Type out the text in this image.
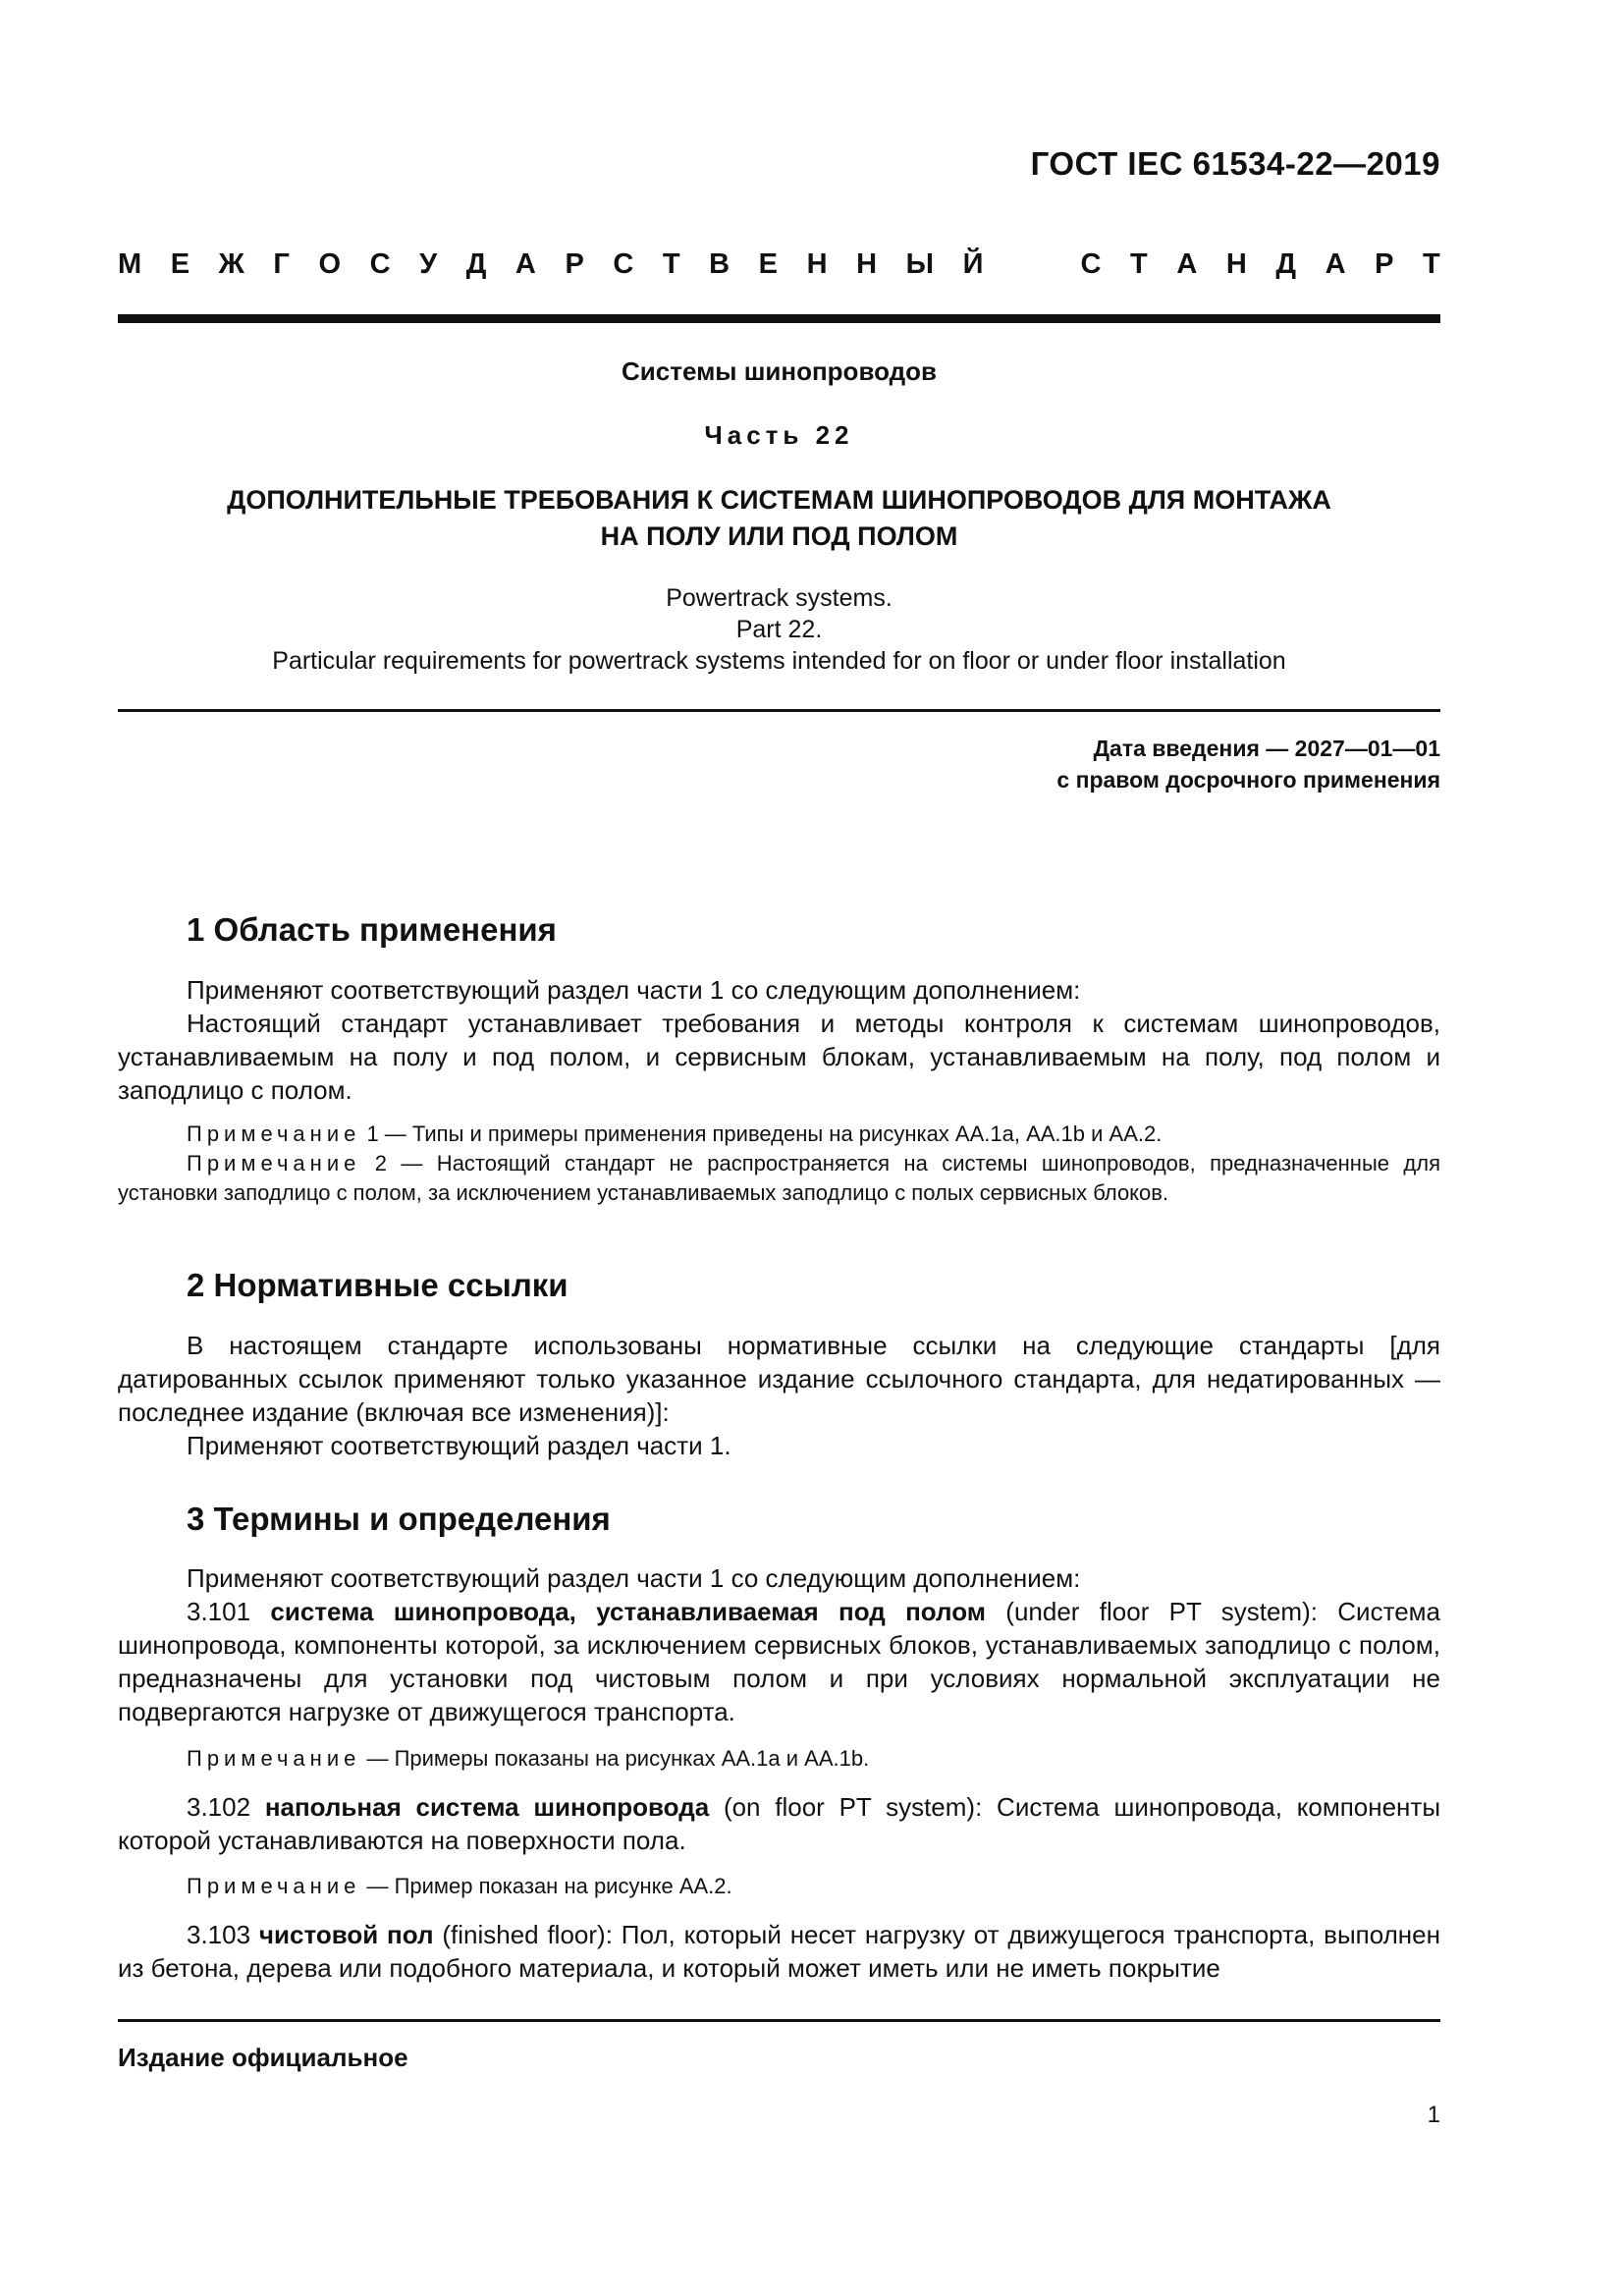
ГОСТ IEC 61534-22—2019
М Е Ж Г О С У Д А Р С Т В Е Н Н Ы Й	С Т А Н Д А Р Т
Системы шинопроводов
Часть 22
ДОПОЛНИТЕЛЬНЫЕ ТРЕБОВАНИЯ К СИСТЕМАМ ШИНОПРОВОДОВ ДЛЯ МОНТАЖА
НА ПОЛУ ИЛИ ПОД ПОЛОМ
Powertrack systems.
Part 22.
Particular requirements for powertrack systems intended for on floor or under floor installation
Дата введения — 2027—01—01
с правом досрочного применения
1 Область применения

Применяют соответствующий раздел части 1 со следующим дополнением:

Настоящий стандарт устанавливает требования и методы контроля к системам шинопроводов, устанавливаемым на полу и под полом, и сервисным блокам, устанавливаемым на полу, под полом и заподлицо с полом.

Примечание 1 — Типы и примеры применения приведены на рисунках АА.1а, АА.1b и АА.2.

Примечание 2 — Настоящий стандарт не распространяется на системы шинопроводов, предназначенные для установки заподлицо с полом, за исключением устанавливаемых заподлицо с полых сервисных блоков.

2 Нормативные ссылки

В настоящем стандарте использованы нормативные ссылки на следующие стандарты [для датированных ссылок применяют только указанное издание ссылочного стандарта, для недатированных — последнее издание (включая все изменения)]:

Применяют соответствующий раздел части 1.

3 Термины и определения

Применяют соответствующий раздел части 1 со следующим дополнением:

3.101 система шинопровода, устанавливаемая под полом (under floor PT system): Система шинопровода, компоненты которой, за исключением сервисных блоков, устанавливаемых заподлицо с полом, предназначены для установки под чистовым полом и при условиях нормальной эксплуатации не подвергаются нагрузке от движущегося транспорта.

Примечание — Примеры показаны на рисунках АА.1а и АА.1b.

3.102 напольная система шинопровода (on floor PT system): Система шинопровода, компоненты которой устанавливаются на поверхности пола.

Примечание — Пример показан на рисунке АА.2.

3.103 чистовой пол (finished floor): Пол, который несет нагрузку от движущегося транспорта, выполнен из бетона, дерева или подобного материала, и который может иметь или не иметь покрытие

Издание официальное
1
